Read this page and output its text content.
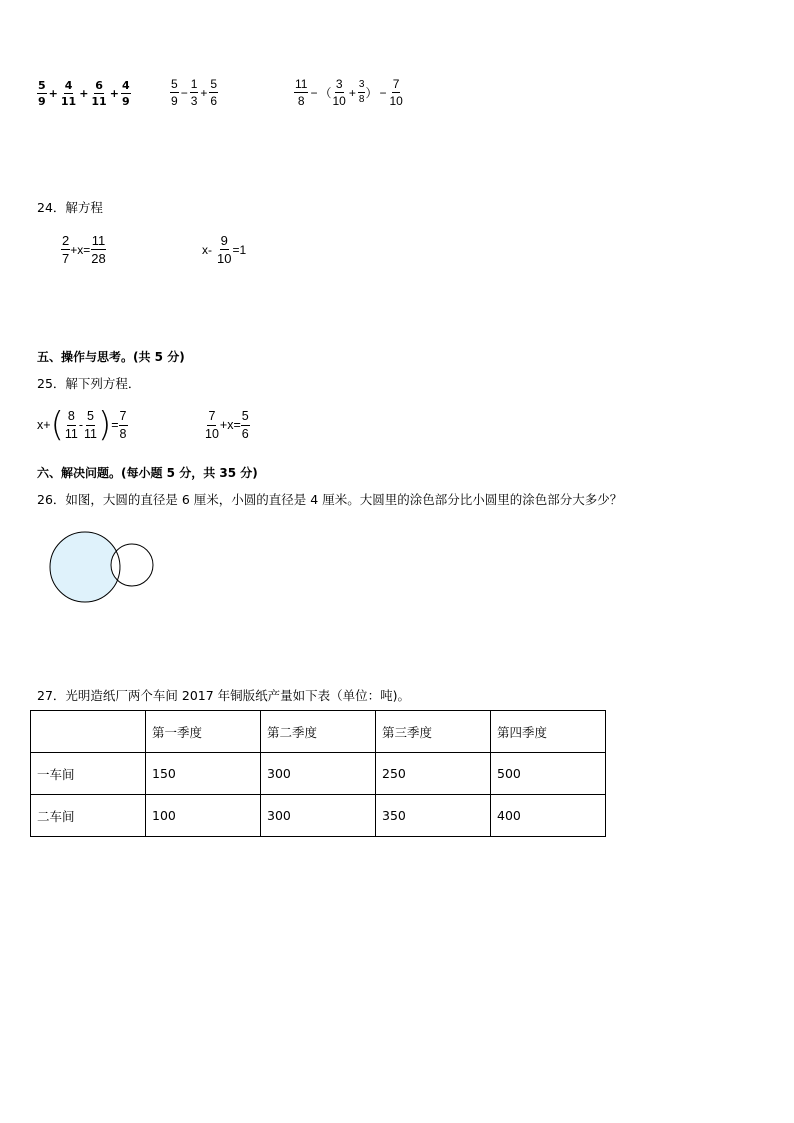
$\frac{5}{9} + \frac{4}{11} + \frac{6}{11} + \frac{4}{9}$	$\frac{5}{9} - \frac{1}{3} + \frac{5}{6}$	$\frac{11}{8}$ − （ $\frac{3}{10} + \frac{3}{8}$ ） − $\frac{7}{10}$
24．解方程
$\frac{2}{7} +x= \frac{11}{28}$	$x- \frac{9}{10} =1$
五、操作与思考。(共 5 分)
25．解下列方程．
x+ ( $\frac{8}{11} - \frac{5}{11}$ ) = $\frac{7}{8}$	$\frac{7}{10} +x= \frac{5}{6}$
六、解决问题。(每小题 5 分，共 35 分)
26．如图，大圆的直径是 6 厘米，小圆的直径是 4 厘米。大圆里的涂色部分比小圆里的涂色部分大多少？
27．光明造纸厂两个车间 2017 年铜版纸产量如下表（单位：吨)。
	第一季度	第二季度	第三季度	第四季度
一车间	150	300	250	500
二车间	100	300	350	400
